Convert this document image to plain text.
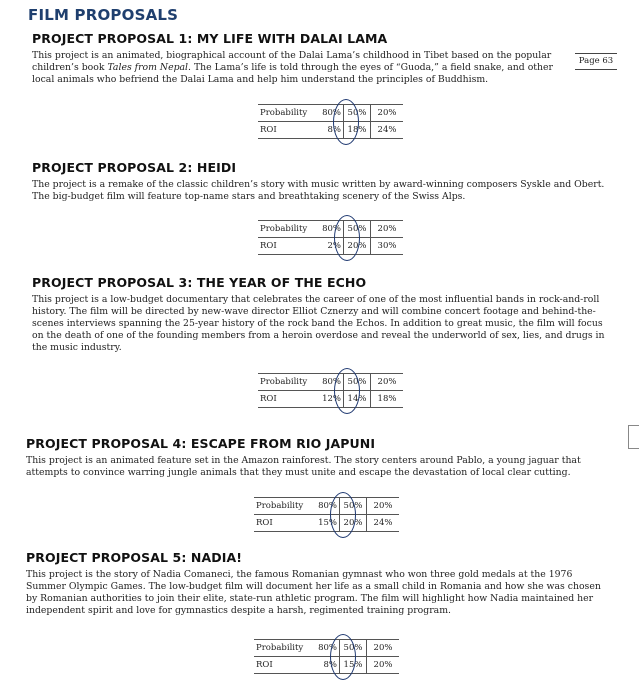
FILM PROPOSALS
Page 63
PROJECT PROPOSAL 1: MY LIFE WITH DALAI LAMA

This project is an animated, biographical account of the Dalai Lama’s childhood in Tibet based on the popular children’s book Tales from Nepal. The Lama’s life is told through the eyes of “Guoda,” a field snake, and other local animals who befriend the Dalai Lama and help him understand the principles of Buddhism.

Probability	80%	50%	20%
ROI	8%	18%	24%
PROJECT PROPOSAL 2: HEIDI

The project is a remake of the classic children’s story with music written by award-winning composers Syskle and Obert. The big-budget film will feature top-name stars and breathtaking scenery of the Swiss Alps.

Probability	80%	50%	20%
ROI	2%	20%	30%
PROJECT PROPOSAL 3: THE YEAR OF THE ECHO

This project is a low-budget documentary that celebrates the career of one of the most influential bands in rock-and-roll history. The film will be directed by new-wave director Elliot Cznerzy and will combine concert footage and behind-the-scenes interviews spanning the 25-year history of the rock band the Echos. In addition to great music, the film will focus on the death of one of the founding members from a heroin overdose and reveal the underworld of sex, lies, and drugs in the music industry.

Probability	80%	50%	20%
ROI	12%	14%	18%
PROJECT PROPOSAL 4: ESCAPE FROM RIO JAPUNI

This project is an animated feature set in the Amazon rainforest. The story centers around Pablo, a young jaguar that attempts to convince warring jungle animals that they must unite and escape the devastation of local clear cutting.

Probability	80%	50%	20%
ROI	15%	20%	24%
PROJECT PROPOSAL 5: NADIA!

This project is the story of Nadia Comaneci, the famous Romanian gymnast who won three gold medals at the 1976 Summer Olympic Games. The low-budget film will document her life as a small child in Romania and how she was chosen by Romanian authorities to join their elite, state-run athletic program. The film will highlight how Nadia maintained her independent spirit and love for gymnastics despite a harsh, regimented training program.

Probability	80%	50%	20%
ROI	8%	15%	20%
